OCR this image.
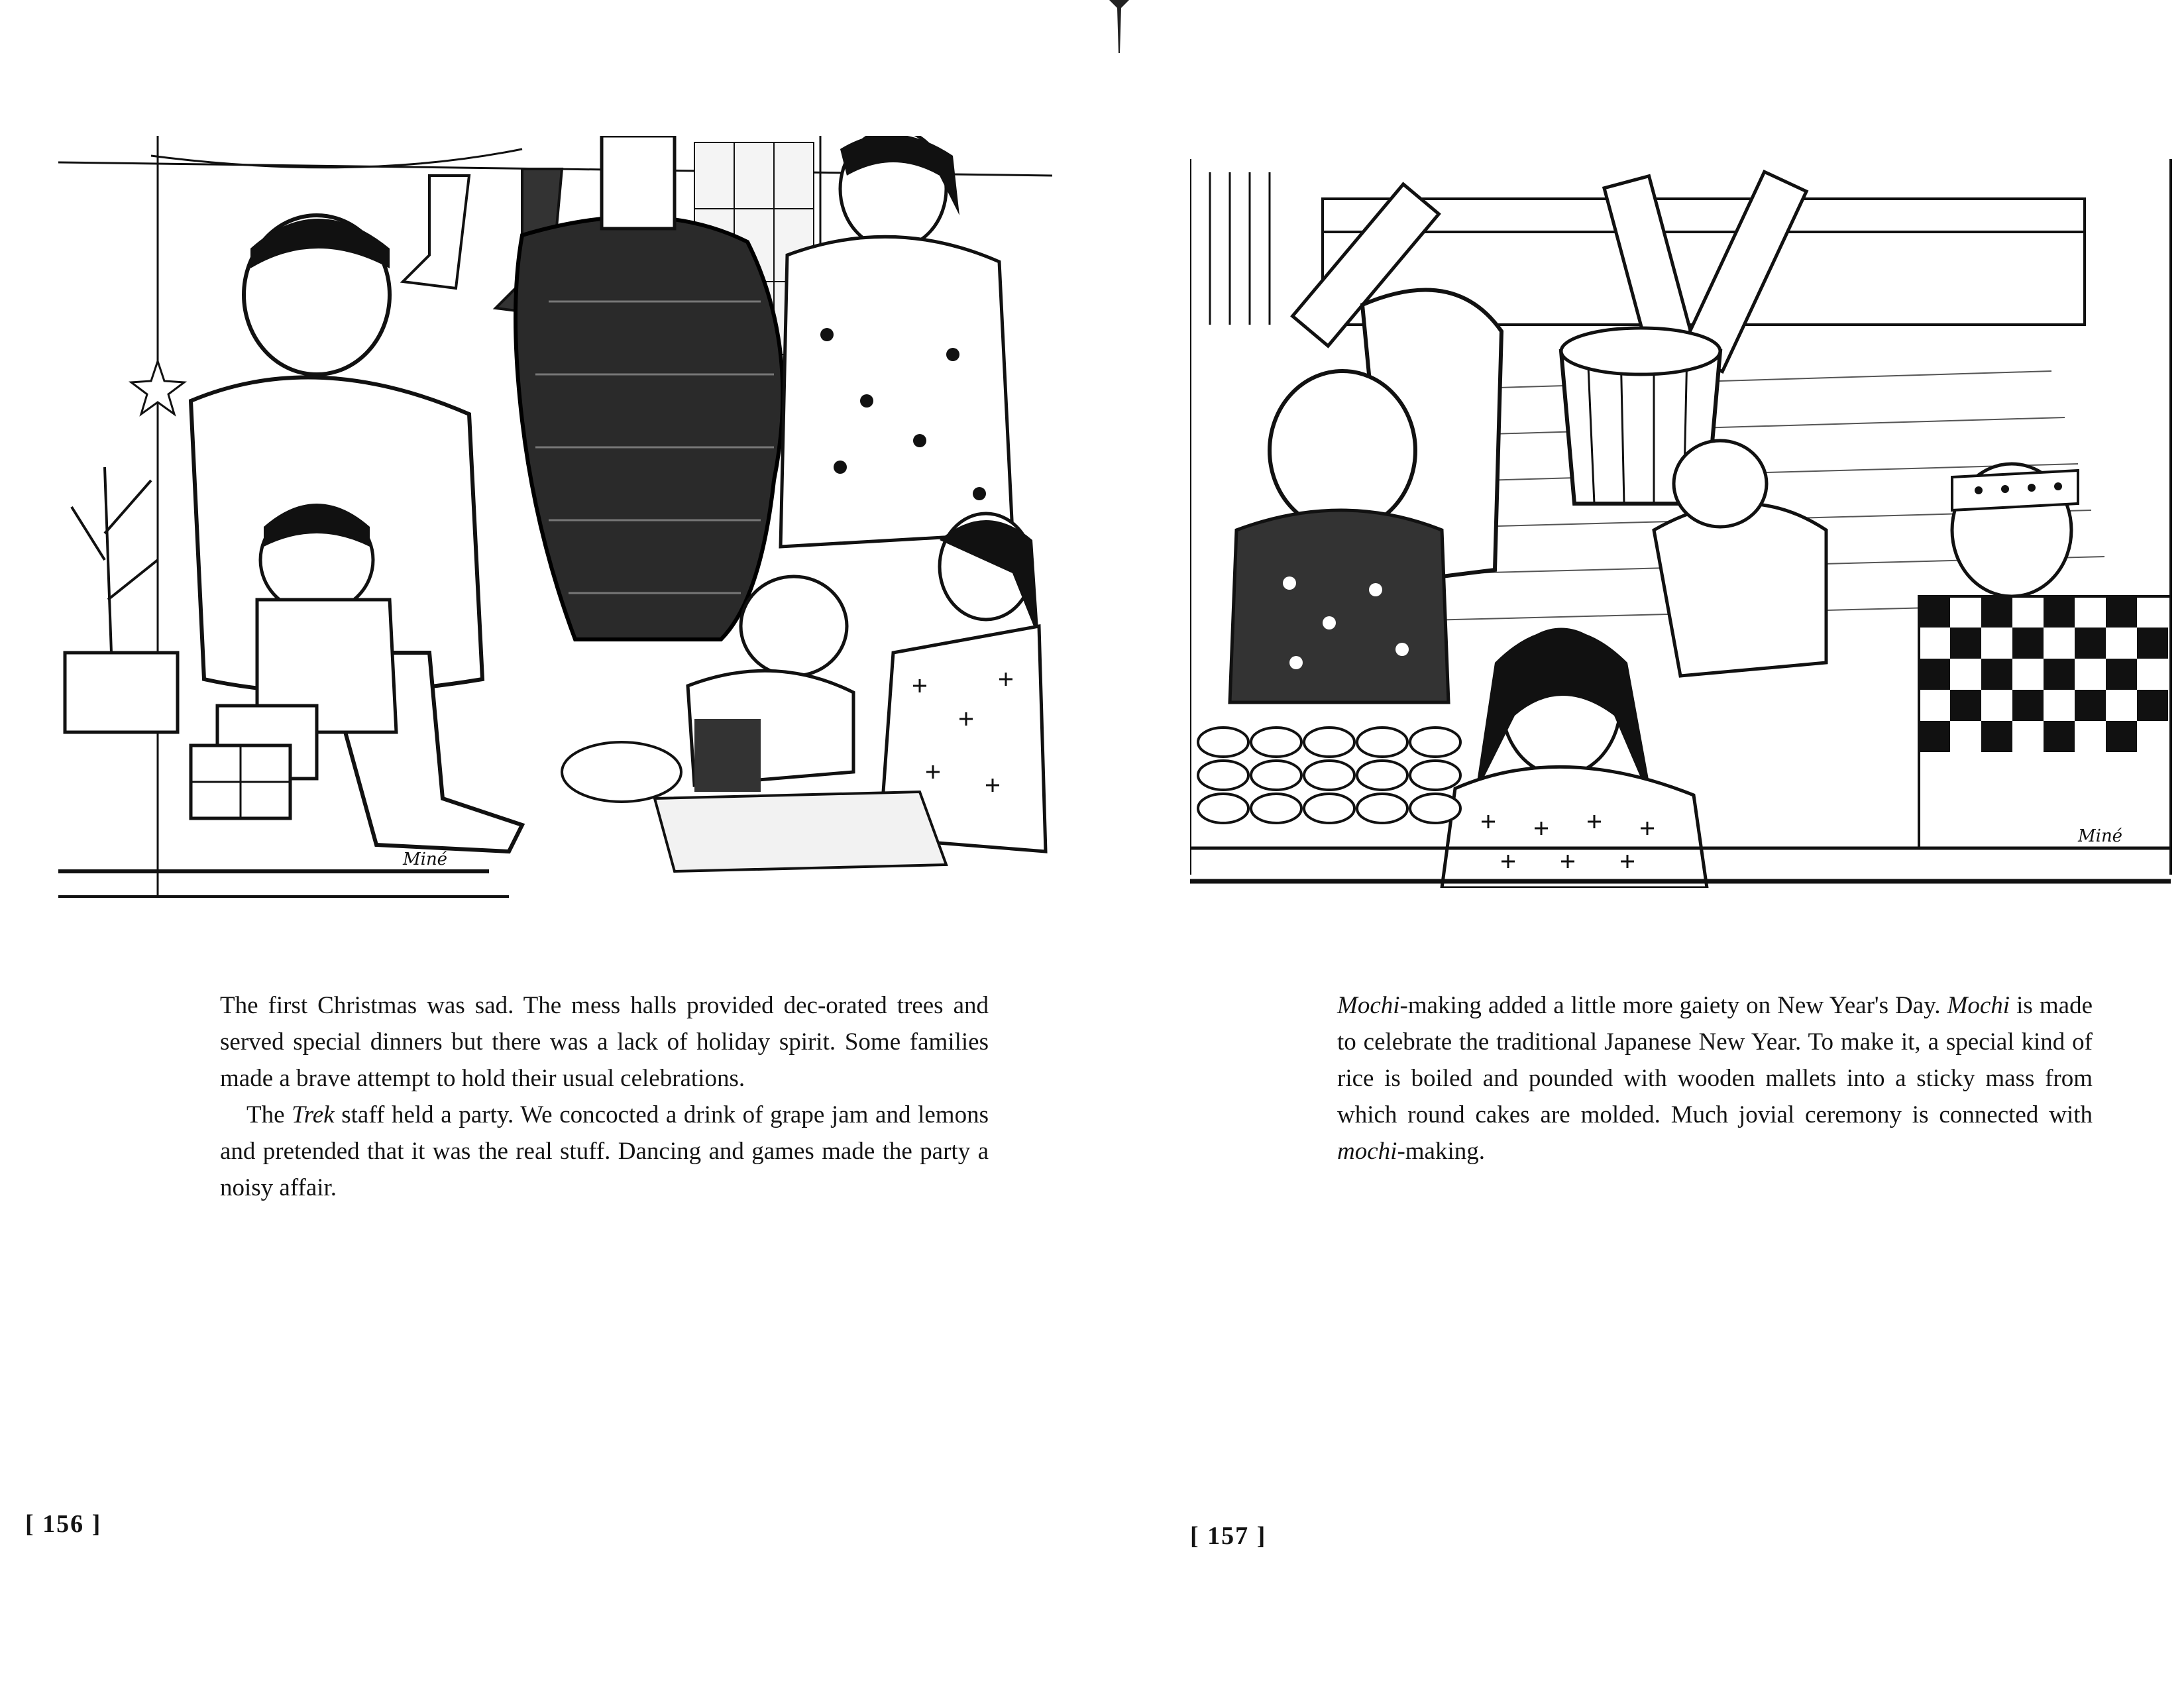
Miné

The first Christmas was sad. The mess halls provided dec-orated trees and served special dinners but there was a lack of holiday spirit. Some families made a brave attempt to hold their usual celebrations.

The Trek staff held a party. We concocted a drink of grape jam and lemons and pretended that it was the real stuff. Dancing and games made the party a noisy affair.

[ 156 ]
Miné

Mochi-making added a little more gaiety on New Year's Day. Mochi is made to celebrate the traditional Japanese New Year. To make it, a special kind of rice is boiled and pounded with wooden mallets into a sticky mass from which round cakes are molded. Much jovial ceremony is connected with mochi-making.

[ 157 ]
